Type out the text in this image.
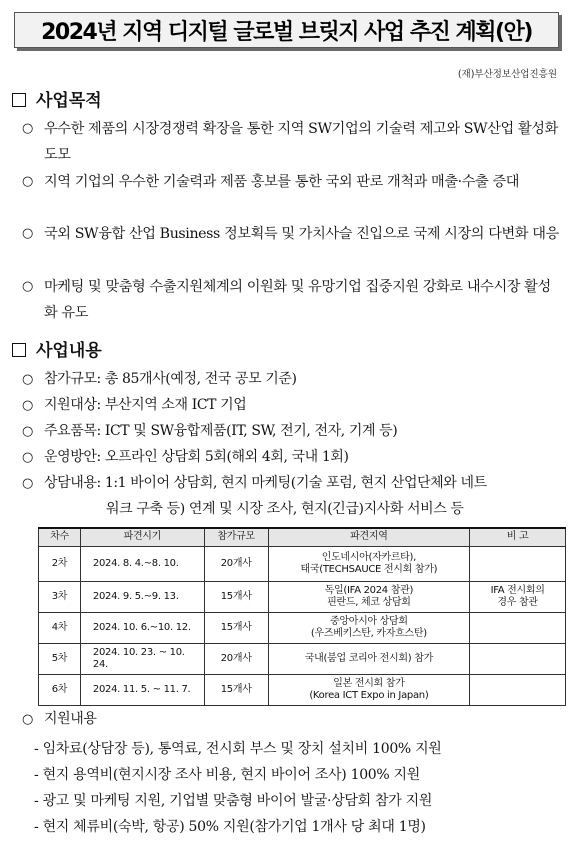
2024년 지역 디지털 글로벌 브릿지 사업 추진 계획(안)
(재)부산정보산업진흥원
사업목적
○ 우수한 제품의 시장경쟁력 확장을 통한 지역 SW기업의 기술력 제고와 SW산업 활성화 도모
○ 지역 기업의 우수한 기술력과 제품 홍보를 통한 국외 판로 개척과 매출·수출 증대
○ 국외 SW융합 산업 Business 정보획득 및 가치사슬 진입으로 국제 시장의 다변화 대응
○ 마케팅 및 맞춤형 수출지원체계의 이원화 및 유망기업 집중지원 강화로 내수시장 활성화 유도
사업내용
○ 참가규모: 총 85개사(예정, 전국 공모 기준)
○ 지원대상: 부산지역 소재 ICT 기업
○ 주요품목: ICT 및 SW융합제품(IT, SW, 전기, 전자, 기계 등)
○ 운영방안: 오프라인 상담회 5회(해외 4회, 국내 1회)
○ 상담내용: 1:1 바이어 상담회, 현지 마케팅(기술 포럼, 현지 산업단체와 네트
워크 구축 등) 연계 및 시장 조사, 현지(긴급)지사화 서비스 등
차수	파견시기	참가규모	파견지역	비 고
2차	2024. 8. 4.~8. 10.	20개사	인도네시아(자카르타),
태국(TECHSAUCE 전시회 참가)	

3차	2024. 9. 5.~9. 13.	15개사	독일(IFA 2024 참관)
핀란드, 체코 상담회	IFA 전시회의
경우 참관
4차	2024. 10. 6.~10. 12.	15개사	중앙아시아 상담회
(우즈베키스탄, 카자흐스탄)	
5차	2024. 10. 23. ~ 10. 24.	20개사	국내(붐업 코리아 전시회) 참가	
6차	2024. 11. 5. ~ 11. 7.	15개사	일본 전시회 참가
(Korea ICT Expo in Japan)	
○ 지원내용
- 임차료(상담장 등), 통역료, 전시회 부스 및 장치 설치비 100% 지원
- 현지 용역비(현지시장 조사 비용, 현지 바이어 조사) 100% 지원
- 광고 및 마케팅 지원, 기업별 맞춤형 바이어 발굴·상담회 참가 지원
- 현지 체류비(숙박, 항공) 50% 지원(참가기업 1개사 당 최대 1명)
